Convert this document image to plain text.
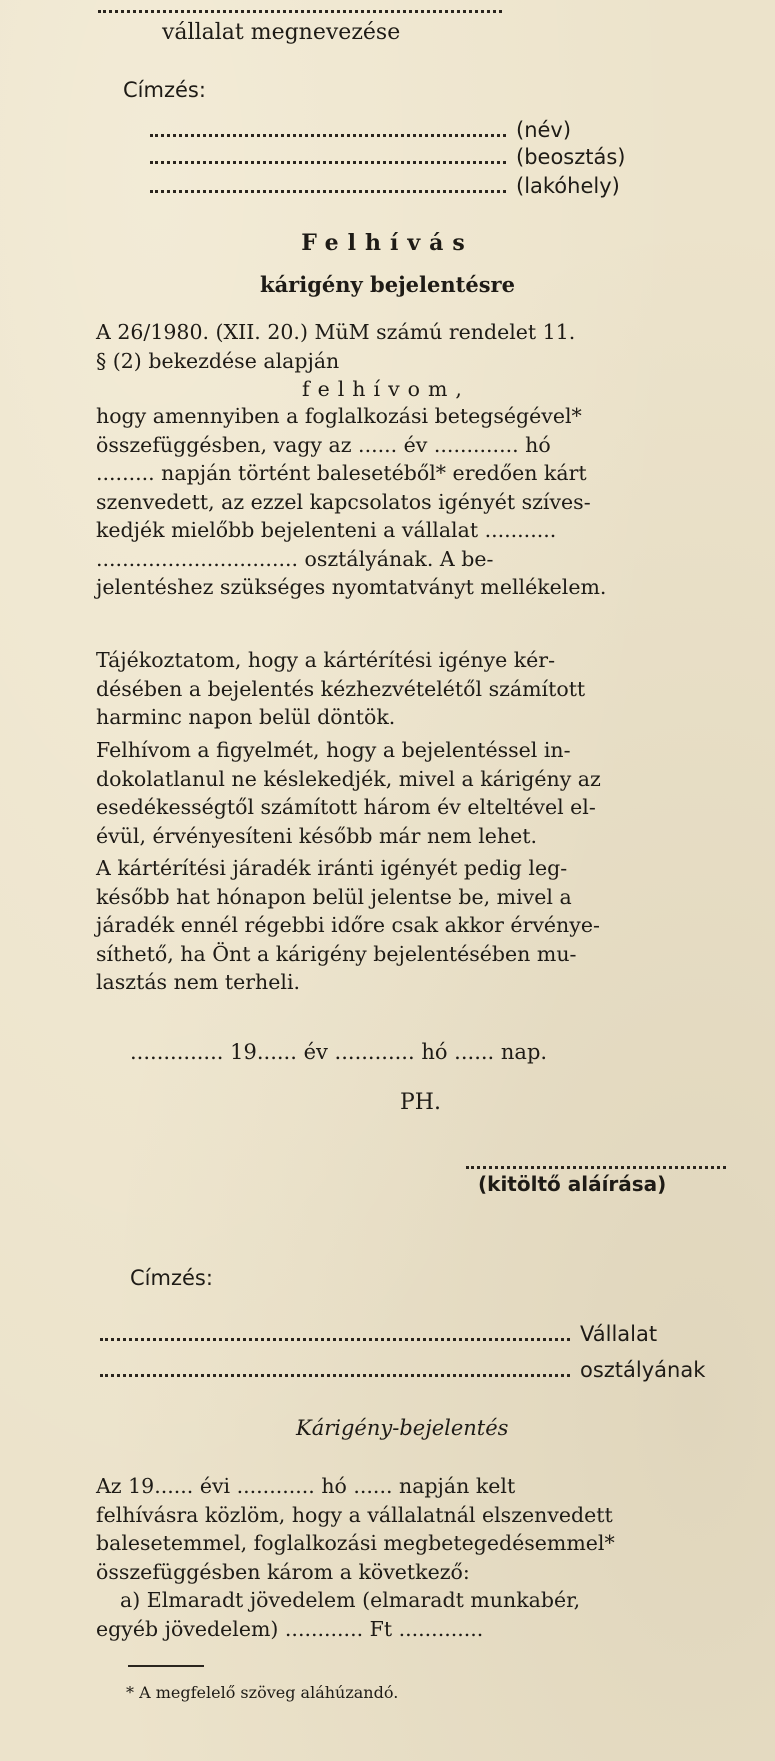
vállalat megnevezése
Címzés:
(név)
(beosztás)
(lakóhely)
Felhívás
kárigény bejelentésre
A 26/1980. (XII. 20.) MüM számú rendelet 11.
§ (2) bekezdése alapján
felhívom,
hogy amennyiben a foglalkozási betegségével*
összefüggésben, vagy az ...... év ............. hó
......... napján történt balesetéből* eredően kárt
szenvedett, az ezzel kapcsolatos igényét szíves-
kedjék mielőbb bejelenteni a vállalat ...........
............................... osztályának. A be-
jelentéshez szükséges nyomtatványt mellékelem.
Tájékoztatom, hogy a kártérítési igénye kér-
désében a bejelentés kézhezvételétől számított
harminc napon belül döntök.
Felhívom a figyelmét, hogy a bejelentéssel in-
dokolatlanul ne késlekedjék, mivel a kárigény az
esedékességtől számított három év elteltével el-
évül, érvényesíteni később már nem lehet.
A kártérítési járadék iránti igényét pedig leg-
később hat hónapon belül jelentse be, mivel a
járadék ennél régebbi időre csak akkor érvénye-
síthető, ha Önt a kárigény bejelentésében mu-
lasztás nem terheli.
.............. 19...... év ............ hó ...... nap.
PH.
(kitöltő aláírása)
Címzés:
Vállalat
osztályának
Kárigény-bejelentés
Az 19...... évi ............ hó ...... napján kelt
felhívásra közlöm, hogy a vállalatnál elszenvedett
balesetemmel, foglalkozási megbetegedésemmel*
összefüggésben károm a következő:
a) Elmaradt jövedelem (elmaradt munkabér,
egyéb jövedelem) ............ Ft .............
* A megfelelő szöveg aláhúzandó.
